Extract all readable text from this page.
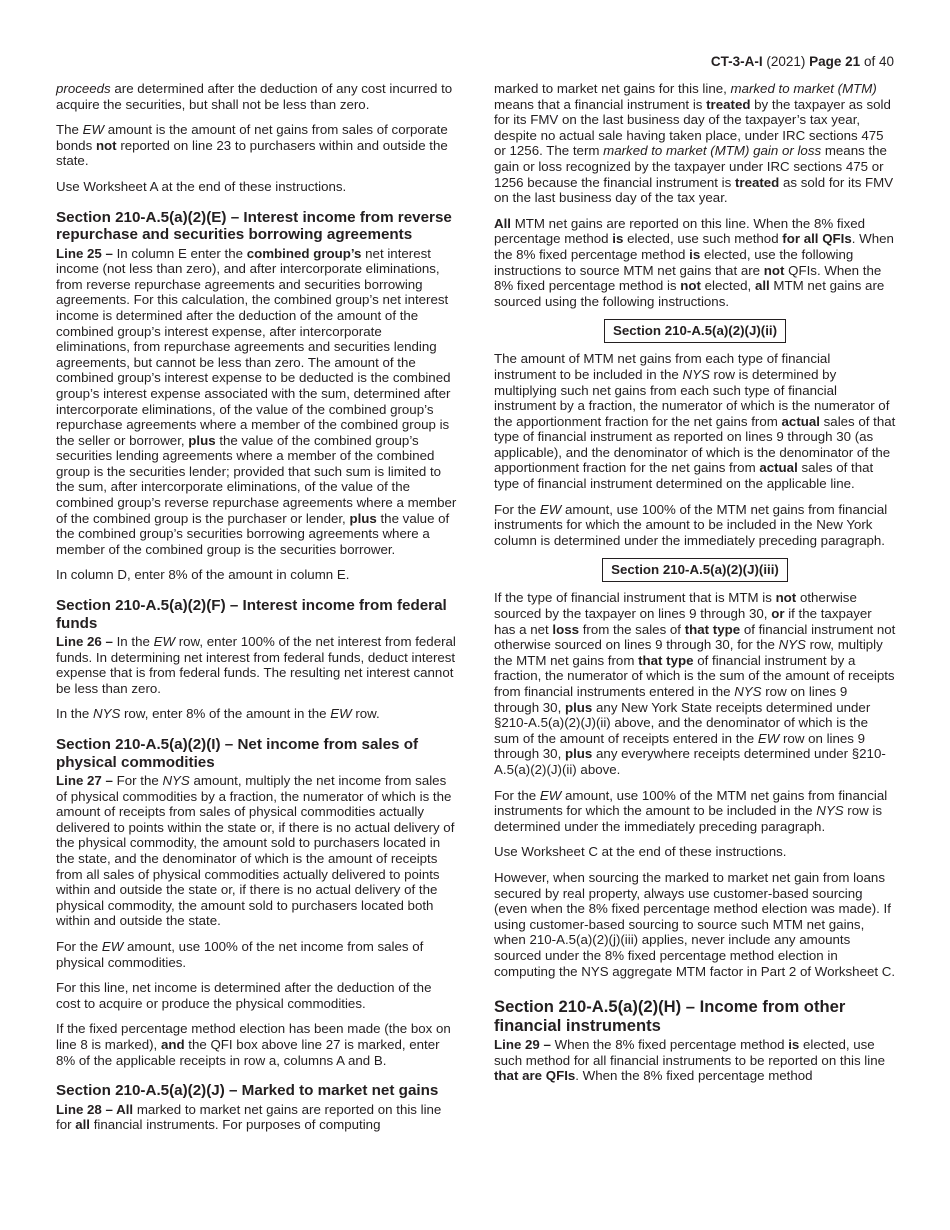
CT-3-A-I (2021) Page 21 of 40

proceeds are determined after the deduction of any cost incurred to acquire the securities, but shall not be less than zero.

The EW amount is the amount of net gains from sales of corporate bonds not reported on line 23 to purchasers within and outside the state.

Use Worksheet A at the end of these instructions.

Section 210-A.5(a)(2)(E) – Interest income from reverse repurchase and securities borrowing agreements

Line 25 – In column E enter the combined group’s net interest income (not less than zero), and after intercorporate eliminations, from reverse repurchase agreements and securities borrowing agreements. For this calculation, the combined group’s net interest income is determined after the deduction of the amount of the combined group’s interest expense, after intercorporate eliminations, from repurchase agreements and securities lending agreements, but cannot be less than zero. The amount of the combined group’s interest expense to be deducted is the combined group’s interest expense associated with the sum, determined after intercorporate eliminations, of the value of the combined group’s repurchase agreements where a member of the combined group is the seller or borrower, plus the value of the combined group’s securities lending agreements where a member of the combined group is the securities lender; provided that such sum is limited to the sum, after intercorporate eliminations, of the value of the combined group’s reverse repurchase agreements where a member of the combined group is the purchaser or lender, plus the value of the combined group’s securities borrowing agreements where a member of the combined group is the securities borrower.

In column D, enter 8% of the amount in column E.

Section 210-A.5(a)(2)(F) – Interest income from federal funds

Line 26 – In the EW row, enter 100% of the net interest from federal funds. In determining net interest from federal funds, deduct interest expense that is from federal funds. The resulting net interest cannot be less than zero.

In the NYS row, enter 8% of the amount in the EW row.

Section 210-A.5(a)(2)(I) – Net income from sales of physical commodities

Line 27 – For the NYS amount, multiply the net income from sales of physical commodities by a fraction, the numerator of which is the amount of receipts from sales of physical commodities actually delivered to points within the state or, if there is no actual delivery of the physical commodity, the amount sold to purchasers located in the state, and the denominator of which is the amount of receipts from all sales of physical commodities actually delivered to points within and outside the state or, if there is no actual delivery of the physical commodity, the amount sold to purchasers located both within and outside the state.

For the EW amount, use 100% of the net income from sales of physical commodities.

For this line, net income is determined after the deduction of the cost to acquire or produce the physical commodities.

If the fixed percentage method election has been made (the box on line 8 is marked), and the QFI box above line 27 is marked, enter 8% of the applicable receipts in row a, columns A and B.

Section 210-A.5(a)(2)(J) – Marked to market net gains

Line 28 – All marked to market net gains are reported on this line for all financial instruments. For purposes of computing

marked to market net gains for this line, marked to market (MTM) means that a financial instrument is treated by the taxpayer as sold for its FMV on the last business day of the taxpayer’s tax year, despite no actual sale having taken place, under IRC sections 475 or 1256. The term marked to market (MTM) gain or loss means the gain or loss recognized by the taxpayer under IRC sections 475 or 1256 because the financial instrument is treated as sold for its FMV on the last business day of the tax year.

All MTM net gains are reported on this line. When the 8% fixed percentage method is elected, use such method for all QFIs. When the 8% fixed percentage method is elected, use the following instructions to source MTM net gains that are not QFIs. When the 8% fixed percentage method is not elected, all MTM net gains are sourced using the following instructions.

Section 210-A.5(a)(2)(J)(ii)

The amount of MTM net gains from each type of financial instrument to be included in the NYS row is determined by multiplying such net gains from each such type of financial instrument by a fraction, the numerator of which is the numerator of the apportionment fraction for the net gains from actual sales of that type of financial instrument as reported on lines 9 through 30 (as applicable), and the denominator of which is the denominator of the apportionment fraction for the net gains from actual sales of that type of financial instrument determined on the applicable line.

For the EW amount, use 100% of the MTM net gains from financial instruments for which the amount to be included in the New York column is determined under the immediately preceding paragraph.

Section 210-A.5(a)(2)(J)(iii)

If the type of financial instrument that is MTM is not otherwise sourced by the taxpayer on lines 9 through 30, or if the taxpayer has a net loss from the sales of that type of financial instrument not otherwise sourced on lines 9 through 30, for the NYS row, multiply the MTM net gains from that type of financial instrument by a fraction, the numerator of which is the sum of the amount of receipts from financial instruments entered in the NYS row on lines 9 through 30, plus any New York State receipts determined under §210-A.5(a)(2)(J)(ii) above, and the denominator of which is the sum of the amount of receipts entered in the EW row on lines 9 through 30, plus any everywhere receipts determined under §210-A.5(a)(2)(J)(ii) above.

For the EW amount, use 100% of the MTM net gains from financial instruments for which the amount to be included in the NYS row is determined under the immediately preceding paragraph.

Use Worksheet C at the end of these instructions.

However, when sourcing the marked to market net gain from loans secured by real property, always use customer-based sourcing (even when the 8% fixed percentage method election was made). If using customer-based sourcing to source such MTM net gains, when 210-A.5(a)(2)(j)(iii) applies, never include any amounts sourced under the 8% fixed percentage method election in computing the NYS aggregate MTM factor in Part 2 of Worksheet C.

Section 210-A.5(a)(2)(H) – Income from other financial instruments

Line 29 – When the 8% fixed percentage method is elected, use such method for all financial instruments to be reported on this line that are QFIs. When the 8% fixed percentage method
